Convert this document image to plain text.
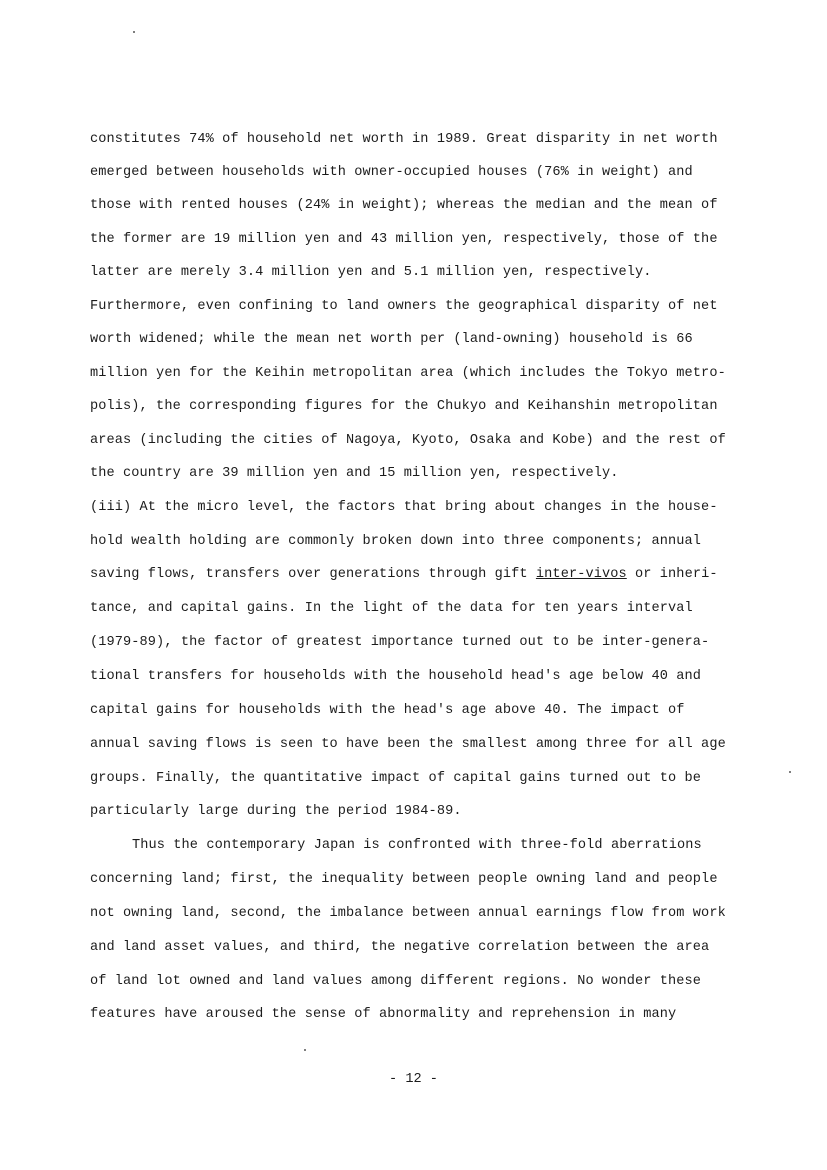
constitutes 74% of household net worth in 1989. Great disparity in net worth
emerged between households with owner-occupied houses (76% in weight) and
those with rented houses (24% in weight); whereas the median and the mean of
the former are 19 million yen and 43 million yen, respectively, those of the
latter are merely 3.4 million yen and 5.1 million yen, respectively.
Furthermore, even confining to land owners the geographical disparity of net
worth widened; while the mean net worth per (land-owning) household is 66
million yen for the Keihin metropolitan area (which includes the Tokyo metro-
polis), the corresponding figures for the Chukyo and Keihanshin metropolitan
areas (including the cities of Nagoya, Kyoto, Osaka and Kobe) and the rest of
the country are 39 million yen and 15 million yen, respectively.
(iii) At the micro level, the factors that bring about changes in the house-
hold wealth holding are commonly broken down into three components; annual
saving flows, transfers over generations through gift inter-vivos or inheri-
tance, and capital gains. In the light of the data for ten years interval
(1979-89), the factor of greatest importance turned out to be inter-genera-
tional transfers for households with the household head's age below 40 and
capital gains for households with the head's age above 40. The impact of
annual saving flows is seen to have been the smallest among three for all age
groups. Finally, the quantitative impact of capital gains turned out to be
particularly large during the period 1984-89.
Thus the contemporary Japan is confronted with three-fold aberrations
concerning land; first, the inequality between people owning land and people
not owning land, second, the imbalance between annual earnings flow from work
and land asset values, and third, the negative correlation between the area
of land lot owned and land values among different regions. No wonder these
features have aroused the sense of abnormality and reprehension in many
- 12 -
